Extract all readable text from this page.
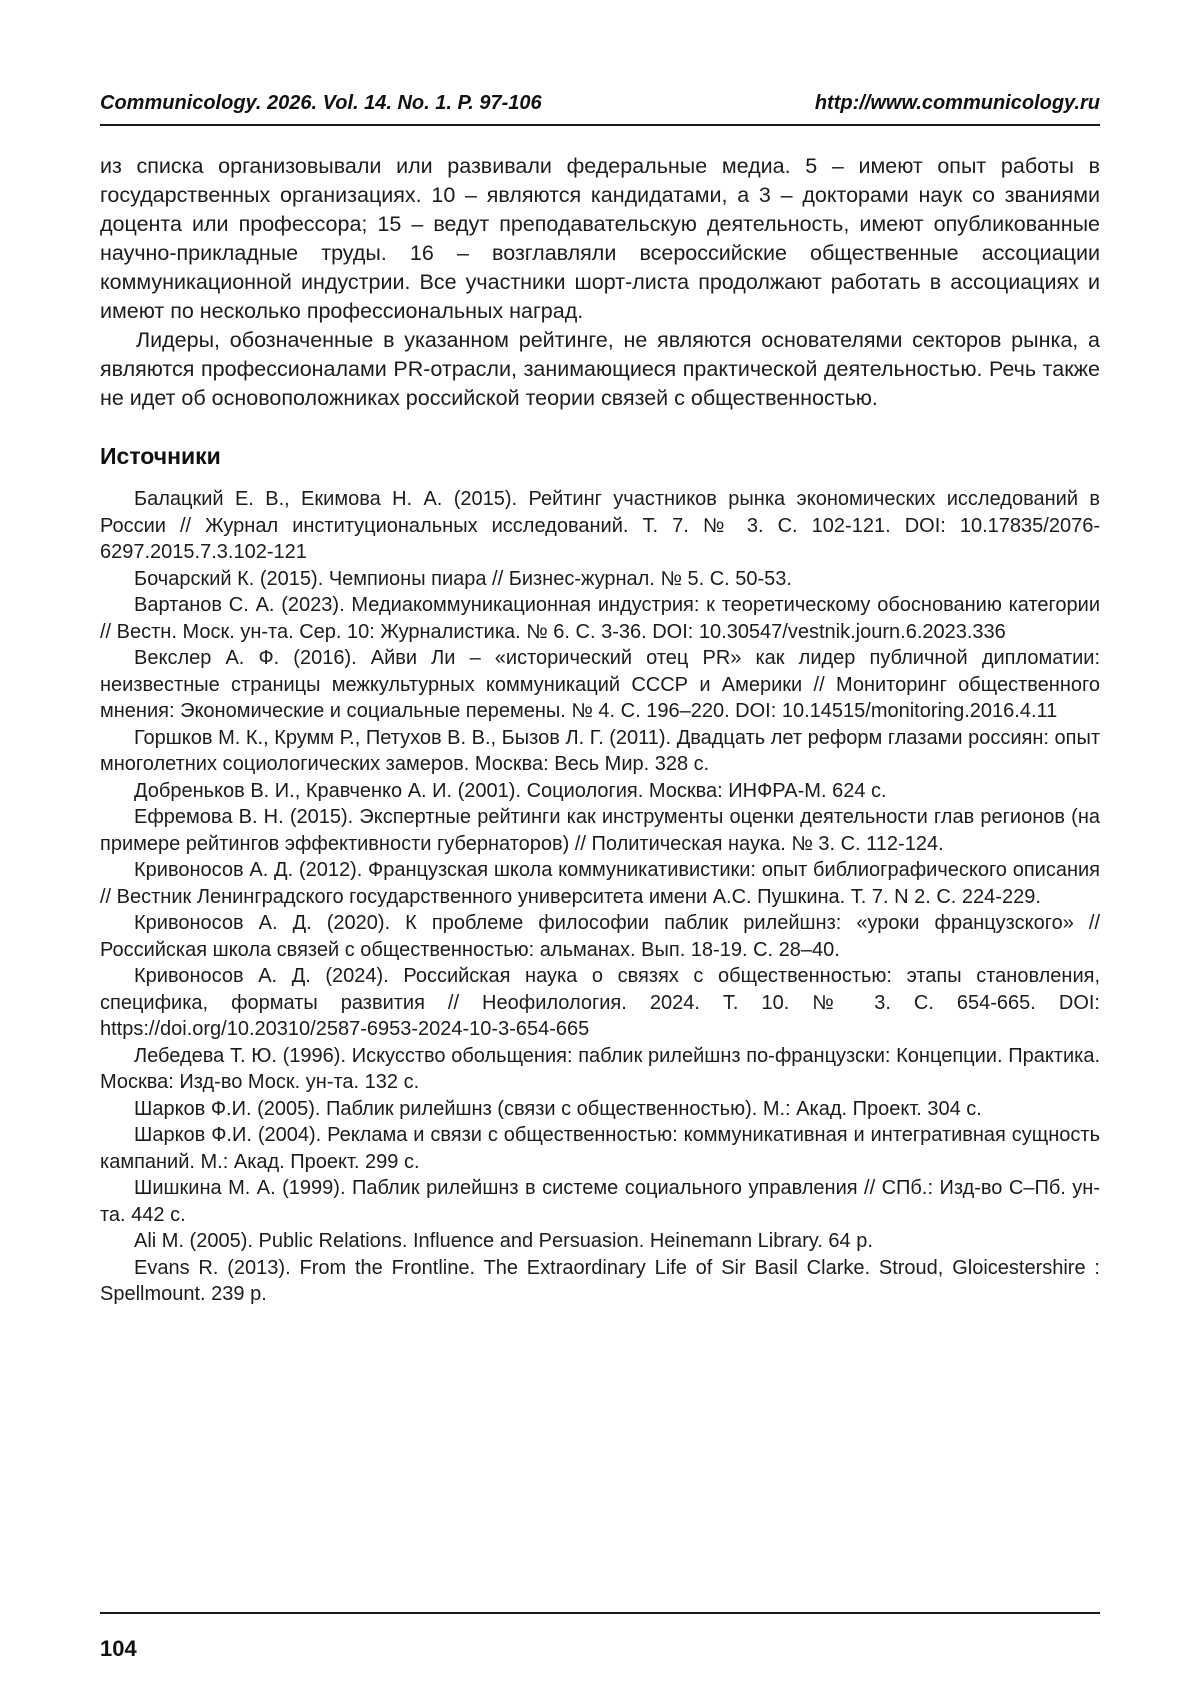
Communicology. 2026. Vol. 14. No. 1. P. 97-106	http://www.communicology.ru

из списка организовывали или развивали федеральные медиа. 5 – имеют опыт работы в государственных организациях. 10 – являются кандидатами, а 3 – докторами наук со званиями доцента или профессора; 15 – ведут преподавательскую деятельность, имеют опубликованные научно-прикладные труды. 16 – возглавляли всероссийские общественные ассоциации коммуникационной индустрии. Все участники шорт-листа продолжают работать в ассоциациях и имеют по несколько профессиональных наград.

Лидеры, обозначенные в указанном рейтинге, не являются основателями секторов рынка, а являются профессионалами PR-отрасли, занимающиеся практической деятельностью. Речь также не идет об основоположниках российской теории связей с общественностью.

Источники

Балацкий Е. В., Екимова Н. А. (2015). Рейтинг участников рынка экономических исследований в России // Журнал институциональных исследований. Т. 7. № 3. С. 102-121. DOI: 10.17835/2076-6297.2015.7.3.102-121

Бочарский К. (2015). Чемпионы пиара // Бизнес-журнал. № 5. С. 50-53.

Вартанов С. А. (2023). Медиакоммуникационная индустрия: к теоретическому обоснованию категории // Вестн. Моск. ун-та. Сер. 10: Журналистика. № 6. С. 3-36. DOI: 10.30547/vestnik.journ.6.2023.336

Векслер А. Ф. (2016). Айви Ли – «исторический отец PR» как лидер публичной дипломатии: неизвестные страницы межкультурных коммуникаций СССР и Америки // Мониторинг общественного мнения: Экономические и социальные перемены. № 4. С. 196–220. DOI: 10.14515/monitoring.2016.4.11

Горшков М. К., Крумм Р., Петухов В. В., Бызов Л. Г. (2011). Двадцать лет реформ глазами россиян: опыт многолетних социологических замеров. Москва: Весь Мир. 328 с.

Добреньков В. И., Кравченко А. И. (2001). Социология. Москва: ИНФРА-М. 624 с.

Ефремова В. Н. (2015). Экспертные рейтинги как инструменты оценки деятельности глав регионов (на примере рейтингов эффективности губернаторов) // Политическая наука. № 3. С. 112-124.

Кривоносов А. Д. (2012). Французская школа коммуникативистики: опыт библиографического описания // Вестник Ленинградского государственного университета имени А.С. Пушкина. Т. 7. N 2. С. 224-229.

Кривоносов А. Д. (2020). К проблеме философии паблик рилейшнз: «уроки французского» // Российская школа связей с общественностью: альманах. Вып. 18-19. С. 28–40.

Кривоносов А. Д. (2024). Российская наука о связях с общественностью: этапы становления, специфика, форматы развития // Неофилология. 2024. Т. 10. № 3. С. 654-665. DOI: https://doi.org/10.20310/2587-6953-2024-10-3-654-665

Лебедева Т. Ю. (1996). Искусство обольщения: паблик рилейшнз по-французски: Концепции. Практика. Москва: Изд-во Моск. ун-та. 132 с.

Шарков Ф.И. (2005). Паблик рилейшнз (связи с общественностью). М.: Акад. Проект. 304 с.

Шарков Ф.И. (2004). Реклама и связи с общественностью: коммуникативная и интегративная сущность кампаний. М.: Акад. Проект. 299 с.

Шишкина М. А. (1999). Паблик рилейшнз в системе социального управления // СПб.: Изд-во С–Пб. ун-та. 442 с.

Ali M. (2005). Public Relations. Influence and Persuasion. Heinemann Library. 64 p.

Evans R. (2013). From the Frontline. The Extraordinary Life of Sir Basil Clarke. Stroud, Gloicestershire : Spellmount. 239 p.

104
